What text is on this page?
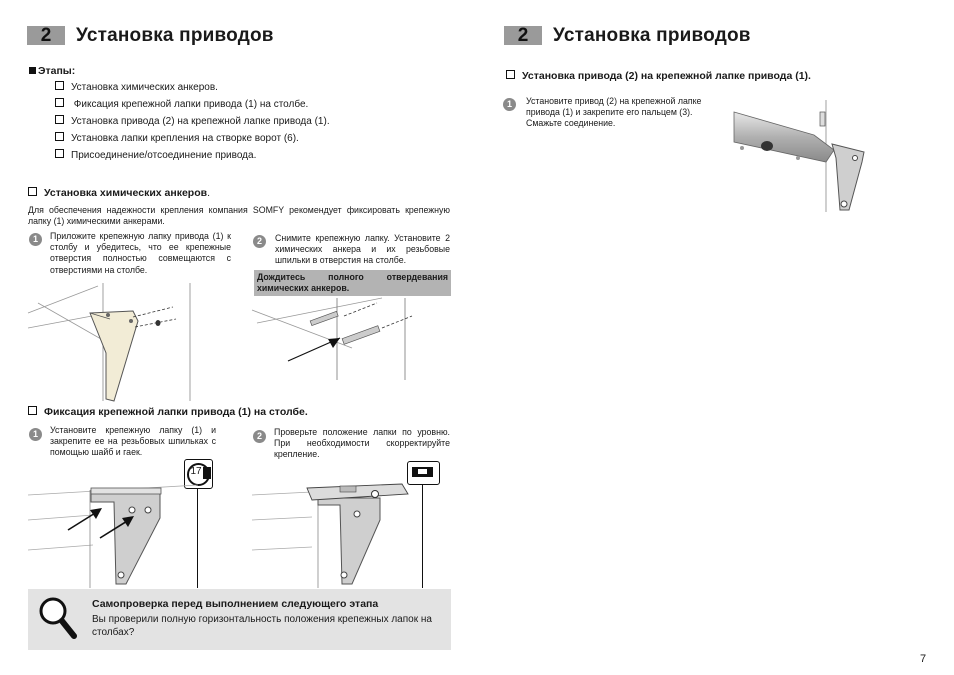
2	Установка приводов
Этапы:
Установка химических анкеров.
Фиксация крепежной лапки привода (1) на столбе.
Установка привода (2) на крепежной лапке привода (1).
Установка лапки крепления на створке ворот (6).
Присоединение/отсоединение привода.
Установка химических анкеров.
Для обеспечения надежности крепления компания SOMFY рекомендует фиксировать крепежную лапку (1) химическими анкерами.
1	Приложите крепежную лапку привода (1) к столбу и убедитесь, что ее крепежные отверстия полностью совмещаются с отверстиями на столбе.
2	Снимите крепежную лапку. Установите 2 химических анкера и их резьбовые шпильки в отверстия на столбе.
Дождитесь полного отвердевания химических анкеров.
Фиксация крепежной лапки привода (1) на столбе.
1	Установите крепежную лапку (1) и закрепите ее на резьбовых шпильках с помощью шайб и гаек.
17
2	Проверьте положение лапки по уровню. При необходимости скорректируйте крепление.
Самопроверка перед выполнением следующего этапа
Вы проверили полную горизонтальность положения крепежных лапок на столбах?
2	Установка приводов
Установка привода (2) на крепежной лапке привода (1).
1	Установите привод (2) на крепежной лапке привода (1) и закрепите его пальцем (3). Смажьте соединение.
7
